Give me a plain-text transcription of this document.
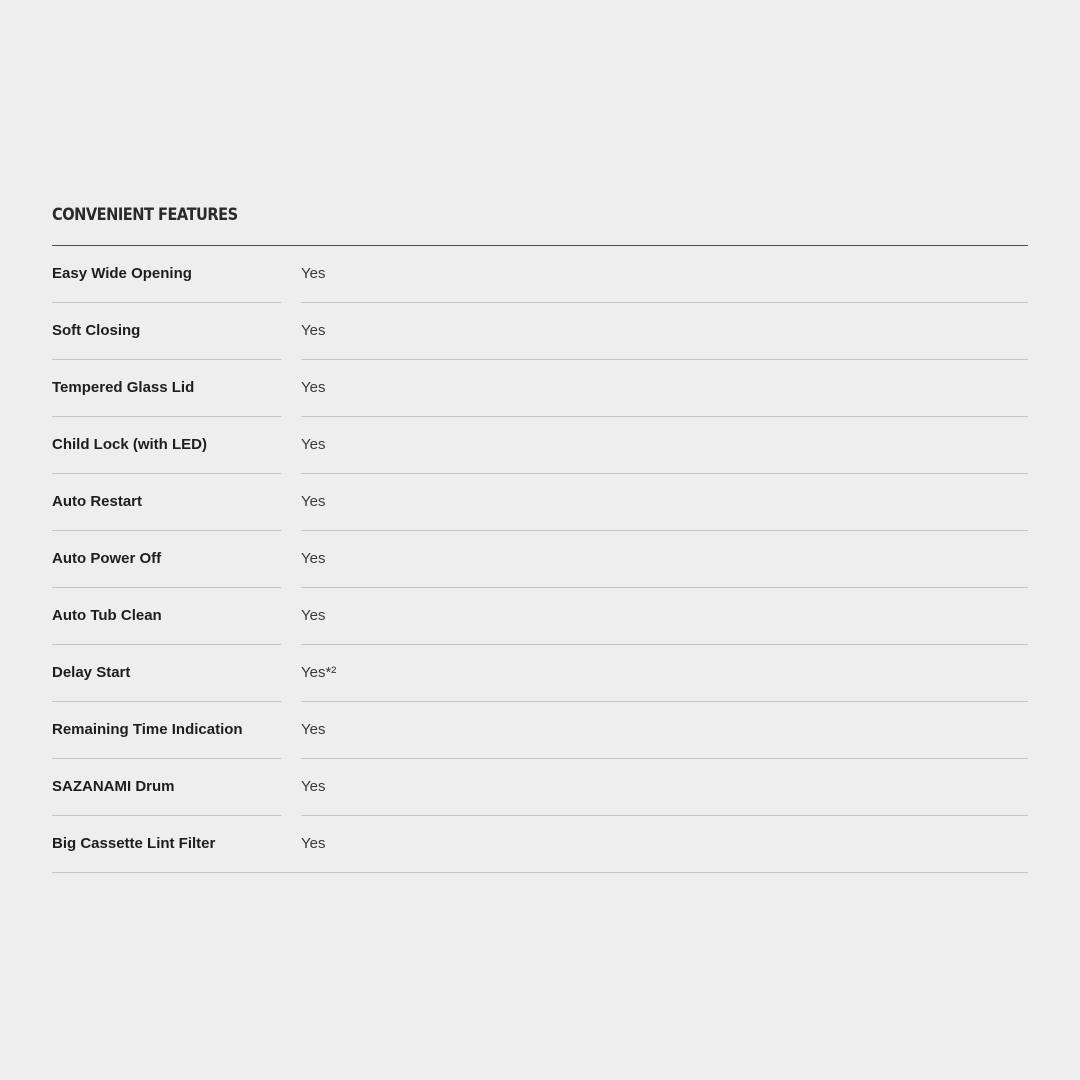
CONVENIENT FEATURES
Easy Wide Opening	Yes
Soft Closing	Yes
Tempered Glass Lid	Yes
Child Lock (with LED)	Yes
Auto Restart	Yes
Auto Power Off	Yes
Auto Tub Clean	Yes
Delay Start	Yes*²
Remaining Time Indication	Yes
SAZANAMI Drum	Yes
Big Cassette Lint Filter	Yes
